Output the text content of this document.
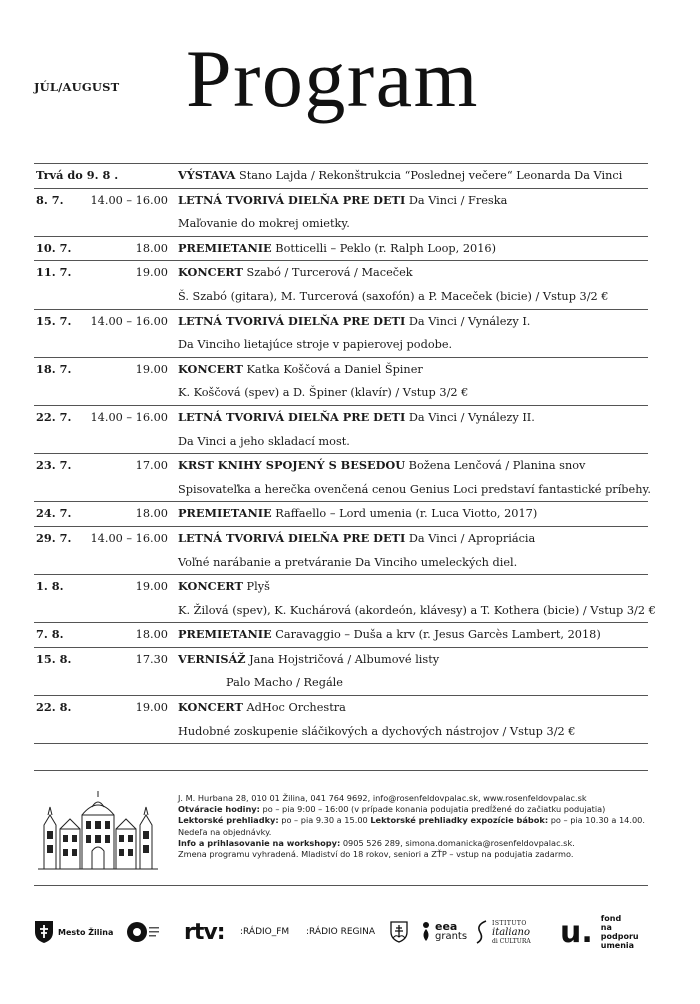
JÚL/AUGUST Program
Trvá do 9. 8 .	VÝSTAVA Stano Lajda / Rekonštrukcia “Poslednej večere“ Leonarda Da Vinci
8. 7.	14.00 – 16.00 LETNÁ TVORIVÁ DIELŇA PRE DETI Da Vinci / Freska
Maľovanie do mokrej omietky.
10. 7.	18.00 PREMIETANIE Botticelli – Peklo (r. Ralph Loop, 2016)
11. 7.	19.00 KONCERT Szabó / Turcerová / Maceček
Š. Szabó (gitara), M. Turcerová (saxofón) a P. Maceček (bicie) / Vstup 3/2 €
15. 7.	14.00 – 16.00 LETNÁ TVORIVÁ DIELŇA PRE DETI Da Vinci / Vynálezy I.
Da Vinciho lietajúce stroje v papierovej podobe.
18. 7.	19.00 KONCERT Katka Koščová a Daniel Špiner
K. Koščová (spev) a D. Špiner (klavír) / Vstup 3/2 €
22. 7.	14.00 – 16.00 LETNÁ TVORIVÁ DIELŇA PRE DETI Da Vinci / Vynálezy II.
Da Vinci a jeho skladací most.
23. 7.	17.00 KRST KNIHY SPOJENÝ S BESEDOU Božena Lenčová / Planina snov
Spisovateľka a herečka ovenčená cenou Genius Loci predstaví fantastické príbehy.
24. 7.	18.00 PREMIETANIE Raffaello – Lord umenia (r. Luca Viotto, 2017)
29. 7.	14.00 – 16.00 LETNÁ TVORIVÁ DIELŇA PRE DETI Da Vinci / Apropriácia
Voľné narábanie a pretváranie Da Vinciho umeleckých diel.
1. 8.	19.00 KONCERT Plyš
K. Žilová (spev), K. Kuchárová (akordeón, klávesy) a T. Kothera (bicie) / Vstup 3/2 €
7. 8.	18.00 PREMIETANIE Caravaggio – Duša a krv (r. Jesus Garcès Lambert, 2018)
15. 8.	17.30 VERNISÁŽ Jana Hojstričová / Albumové listy
Palo Macho / Regále
22. 8.	19.00 KONCERT AdHoc Orchestra
Hudobné zoskupenie sláčikových a dychových nástrojov / Vstup 3/2 €
J. M. Hurbana 28, 010 01 Žilina, 041 764 9692, info@rosenfeldovpalac.sk, www.rosenfeldovpalac.sk
Otváracie hodiny: po – pia 9:00 – 16:00 (v prípade konania podujatia predĺžené do začiatku podujatia)
Lektorské prehliadky: po – pia 9.30 a 15.00 Lektorské prehliadky expozície bábok: po – pia 10.30 a 14.00.
Nedeľa na objednávky.
Info a prihlasovanie na workshopy: 0905 526 289, simona.domanicka@rosenfeldovpalac.sk.
Zmena programu vyhradená. Mladiství do 18 rokov, seniori a ZŤP – vstup na podujatia zadarmo.
Mesto Žilina	rtv: :RÁDIO_FM :RÁDIO REGINA	eea
grants
ISTITUTO
italiano
di CULTURA u. fond
na podporu
umenia
